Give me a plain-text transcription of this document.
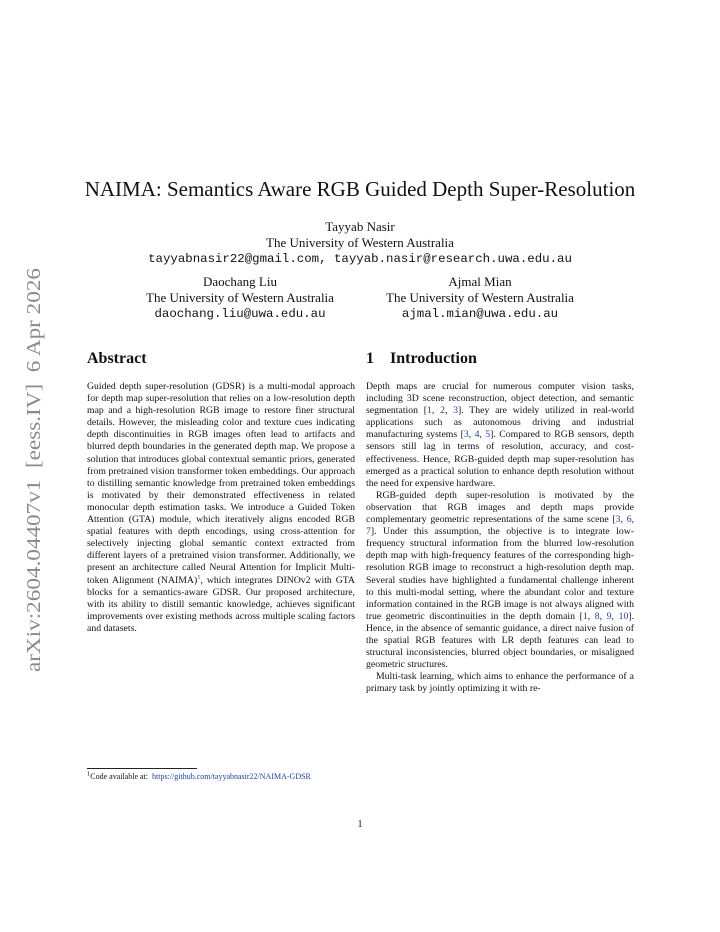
arXiv:2604.04407v1  [eess.IV]  6 Apr 2026
NAIMA: Semantics Aware RGB Guided Depth Super-Resolution
Tayyab Nasir
The University of Western Australia
tayyabnasir22@gmail.com, tayyab.nasir@research.uwa.edu.au
Daochang Liu
The University of Western Australia
daochang.liu@uwa.edu.au
Ajmal Mian
The University of Western Australia
ajmal.mian@uwa.edu.au
Abstract	1 Introduction

Guided depth super-resolution (GDSR) is a multi-modal approach for depth map super-resolution that relies on a low-resolution depth map and a high-resolution RGB image to restore finer structural details. However, the misleading color and texture cues indicating depth discontinuities in RGB images often lead to artifacts and blurred depth boundaries in the generated depth map. We propose a solution that introduces global contextual semantic priors, generated from pretrained vision transformer token embeddings. Our approach to distilling semantic knowledge from pretrained token embeddings is motivated by their demonstrated effectiveness in related monocular depth estimation tasks. We introduce a Guided Token Attention (GTA) module, which iteratively aligns encoded RGB spatial features with depth encodings, using cross-attention for selectively injecting global semantic context extracted from different layers of a pretrained vision transformer. Additionally, we present an architecture called Neural Attention for Implicit Multi-token Alignment (NAIMA)$^1$, which integrates DINOv2 with GTA blocks for a semantics-aware GDSR. Our proposed architecture, with its ability to distill semantic knowledge, achieves significant improvements over existing methods across multiple scaling factors and datasets.

Depth maps are crucial for numerous computer vision tasks, including 3D scene reconstruction, object detection, and semantic segmentation [1, 2, 3]. They are widely utilized in real-world applications such as autonomous driving and industrial manufacturing systems [3, 4, 5]. Compared to RGB sensors, depth sensors still lag in terms of resolution, accuracy, and cost-effectiveness. Hence, RGB-guided depth map super-resolution has emerged as a practical solution to enhance depth resolution without the need for expensive hardware.

RGB-guided depth super-resolution is motivated by the observation that RGB images and depth maps provide complementary geometric representations of the same scene [3, 6, 7]. Under this assumption, the objective is to integrate low-frequency structural information from the blurred low-resolution depth map with high-frequency features of the corresponding high-resolution RGB image to reconstruct a high-resolution depth map. Several studies have highlighted a fundamental challenge inherent to this multi-modal setting, where the abundant color and texture information contained in the RGB image is not always aligned with true geometric discontinuities in the depth domain [1, 8, 9, 10]. Hence, in the absence of semantic guidance, a direct naive fusion of the spatial RGB features with LR depth features can lead to structural inconsistencies, blurred object boundaries, or misaligned geometric structures.

Multi-task learning, which aims to enhance the performance of a primary task by jointly optimizing it with re-

$^1$Code available at: https://github.com/tayyabnasir22/NAIMA-GDSR
1
